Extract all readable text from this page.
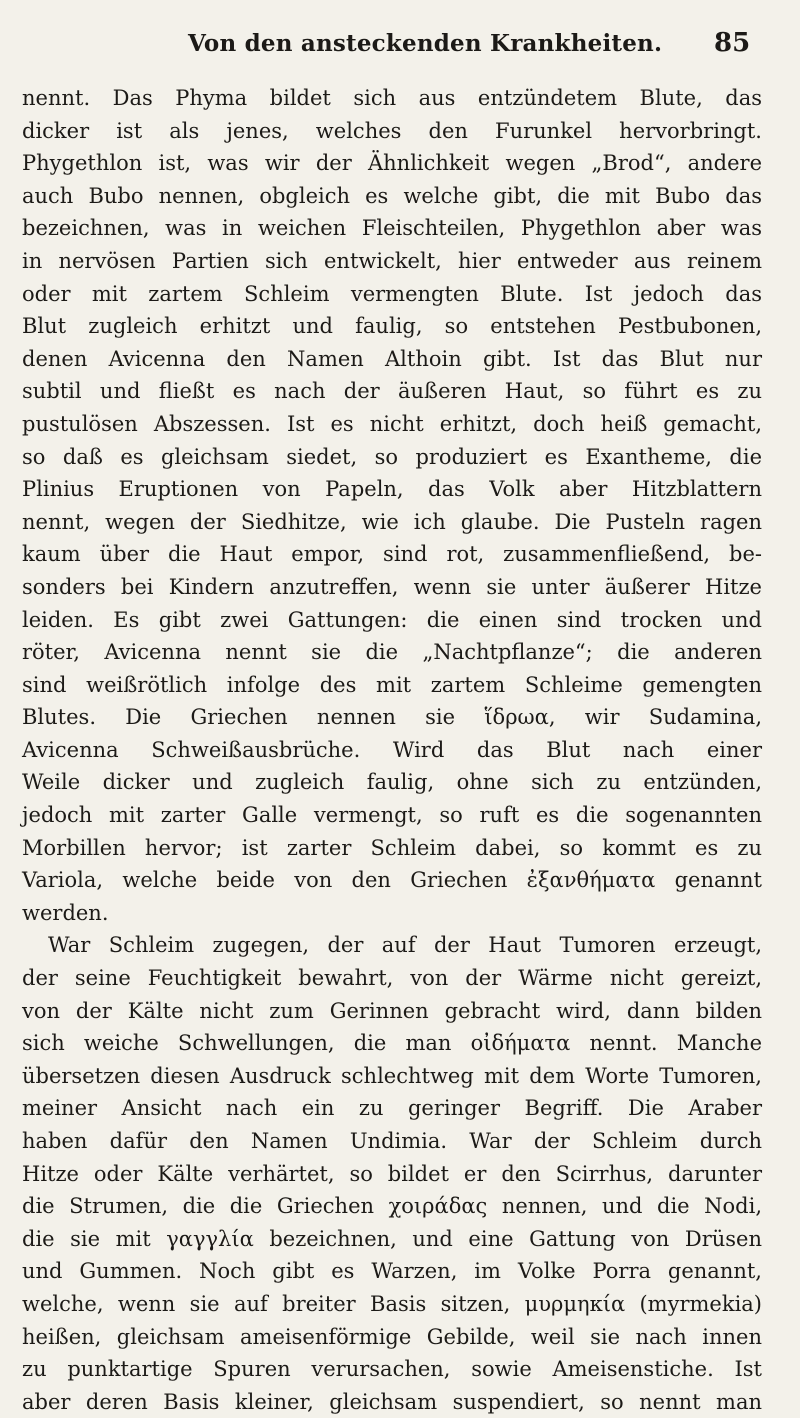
Von den ansteckenden Krankheiten. 85
nennt. Das Phyma bildet sich aus entzündetem Blute, das
dicker ist als jenes, welches den Furunkel hervorbringt.
Phygethlon ist, was wir der Ähnlichkeit wegen „Brod“, andere
auch Bubo nennen, obgleich es welche gibt, die mit Bubo das
bezeichnen, was in weichen Fleischteilen, Phygethlon aber was
in nervösen Partien sich entwickelt, hier entweder aus reinem
oder mit zartem Schleim vermengten Blute. Ist jedoch das
Blut zugleich erhitzt und faulig, so entstehen Pestbubonen,
denen Avicenna den Namen Althoin gibt. Ist das Blut nur
subtil und fließt es nach der äußeren Haut, so führt es zu
pustulösen Abszessen. Ist es nicht erhitzt, doch heiß gemacht,
so daß es gleichsam siedet, so produziert es Exantheme, die
Plinius Eruptionen von Papeln, das Volk aber Hitzblattern
nennt, wegen der Siedhitze, wie ich glaube. Die Pusteln ragen
kaum über die Haut empor, sind rot, zusammenfließend, be-
sonders bei Kindern anzutreffen, wenn sie unter äußerer Hitze
leiden. Es gibt zwei Gattungen: die einen sind trocken und
röter, Avicenna nennt sie die „Nachtpflanze“; die anderen
sind weißrötlich infolge des mit zartem Schleime gemengten
Blutes. Die Griechen nennen sie ἵδρωα, wir Sudamina,
Avicenna Schweißausbrüche. Wird das Blut nach einer
Weile dicker und zugleich faulig, ohne sich zu entzünden,
jedoch mit zarter Galle vermengt, so ruft es die sogenannten
Morbillen hervor; ist zarter Schleim dabei, so kommt es zu
Variola, welche beide von den Griechen ἐξανθήματα genannt
werden.
War Schleim zugegen, der auf der Haut Tumoren erzeugt,
der seine Feuchtigkeit bewahrt, von der Wärme nicht gereizt,
von der Kälte nicht zum Gerinnen gebracht wird, dann bilden
sich weiche Schwellungen, die man οἰδήματα nennt. Manche
übersetzen diesen Ausdruck schlechtweg mit dem Worte Tumoren,
meiner Ansicht nach ein zu geringer Begriff. Die Araber
haben dafür den Namen Undimia. War der Schleim durch
Hitze oder Kälte verhärtet, so bildet er den Scirrhus, darunter
die Strumen, die die Griechen χοιράδας nennen, und die Nodi,
die sie mit γαγγλία bezeichnen, und eine Gattung von Drüsen
und Gummen. Noch gibt es Warzen, im Volke Porra genannt,
welche, wenn sie auf breiter Basis sitzen, μυρμηκία (myrmekia)
heißen, gleichsam ameisenförmige Gebilde, weil sie nach innen
zu punktartige Spuren verursachen, sowie Ameisenstiche. Ist
aber deren Basis kleiner, gleichsam suspendiert, so nennt man
